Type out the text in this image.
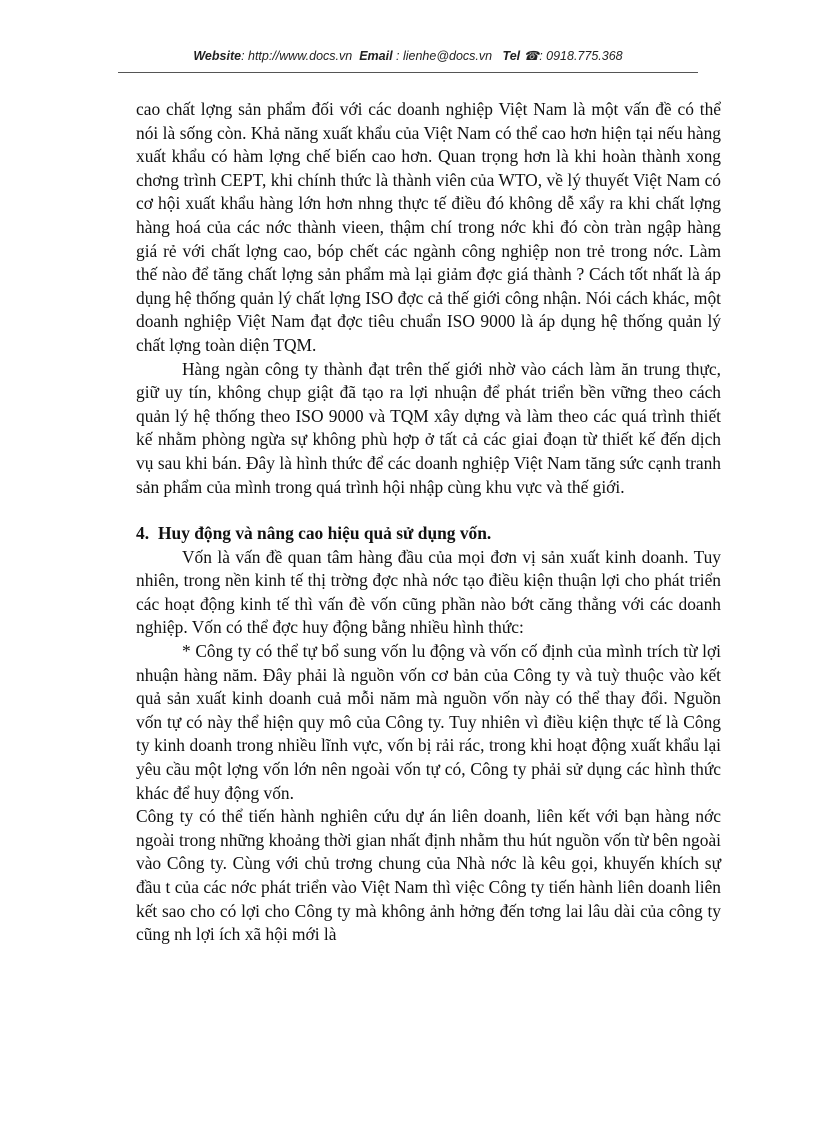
Website: http://www.docs.vn Email : lienhe@docs.vn Tel ☎: 0918.775.368

cao chất lợng sản phẩm đối với các doanh nghiệp Việt Nam là một vấn đề có thể nói là sống còn. Khả năng xuất khẩu của Việt Nam có thể cao hơn hiện tại nếu hàng xuất khẩu có hàm lợng chế biến cao hơn. Quan trọng hơn là khi hoàn thành xong chơng trình CEPT, khi chính thức là thành viên của WTO, về lý thuyết Việt Nam có cơ hội xuất khẩu hàng lớn hơn nhng thực tế điều đó không dễ xẩy ra khi chất lợng hàng hoá của các nớc thành vieen, thậm chí trong nớc khi đó còn tràn ngập hàng giá rẻ với chất lợng cao, bóp chết các ngành công nghiệp non trẻ trong nớc. Làm thế nào để tăng chất lợng sản phẩm mà lại giảm đợc giá thành ? Cách tốt nhất là áp dụng hệ thống quản lý chất lợng ISO đợc cả thế giới công nhận. Nói cách khác, một doanh nghiệp Việt Nam đạt đợc tiêu chuẩn ISO 9000 là áp dụng hệ thống quản lý chất lợng toàn diện TQM.

Hàng ngàn công ty thành đạt trên thế giới nhờ vào cách làm ăn trung thực, giữ uy tín, không chụp giật đã tạo ra lợi nhuận để phát triển bền vững theo cách quản lý hệ thống theo ISO 9000 và TQM xây dựng và làm theo các quá trình thiết kế nhằm phòng ngừa sự không phù hợp ở tất cả các giai đoạn từ thiết kế đến dịch vụ sau khi bán. Đây là hình thức để các doanh nghiệp Việt Nam tăng sức cạnh tranh sản phẩm của mình trong quá trình hội nhập cùng khu vực và thế giới.

4. Huy động và nâng cao hiệu quả sử dụng vốn.

Vốn là vấn đề quan tâm hàng đầu của mọi đơn vị sản xuất kinh doanh. Tuy nhiên, trong nền kinh tế thị trờng đợc nhà nớc tạo điều kiện thuận lợi cho phát triển các hoạt động kinh tế thì vấn đè vốn cũng phần nào bớt căng thẳng với các doanh nghiệp. Vốn có thể đợc huy động bằng nhiều hình thức:

* Công ty có thể tự bổ sung vốn lu động và vốn cố định của mình trích từ lợi nhuận hàng năm. Đây phải là nguồn vốn cơ bản của Công ty và tuỳ thuộc vào kết quả sản xuất kinh doanh cuả mỗi năm mà nguồn vốn này có thể thay đổi. Nguồn vốn tự có này thể hiện quy mô của Công ty. Tuy nhiên vì điều kiện thực tế là Công ty kinh doanh trong nhiều lĩnh vực, vốn bị rải rác, trong khi hoạt động xuất khẩu lại yêu cầu một lợng vốn lớn nên ngoài vốn tự có, Công ty phải sử dụng các hình thức khác để huy động vốn.

Công ty có thể tiến hành nghiên cứu dự án liên doanh, liên kết với bạn hàng nớc ngoài trong những khoảng thời gian nhất định nhằm thu hút nguồn vốn từ bên ngoài vào Công ty. Cùng với chủ trơng chung của Nhà nớc là kêu gọi, khuyến khích sự đầu t của các nớc phát triển vào Việt Nam thì việc Công ty tiến hành liên doanh liên kết sao cho có lợi cho Công ty mà không ảnh hởng đến tơng lai lâu dài của công ty cũng nh lợi ích xã hội mới là
